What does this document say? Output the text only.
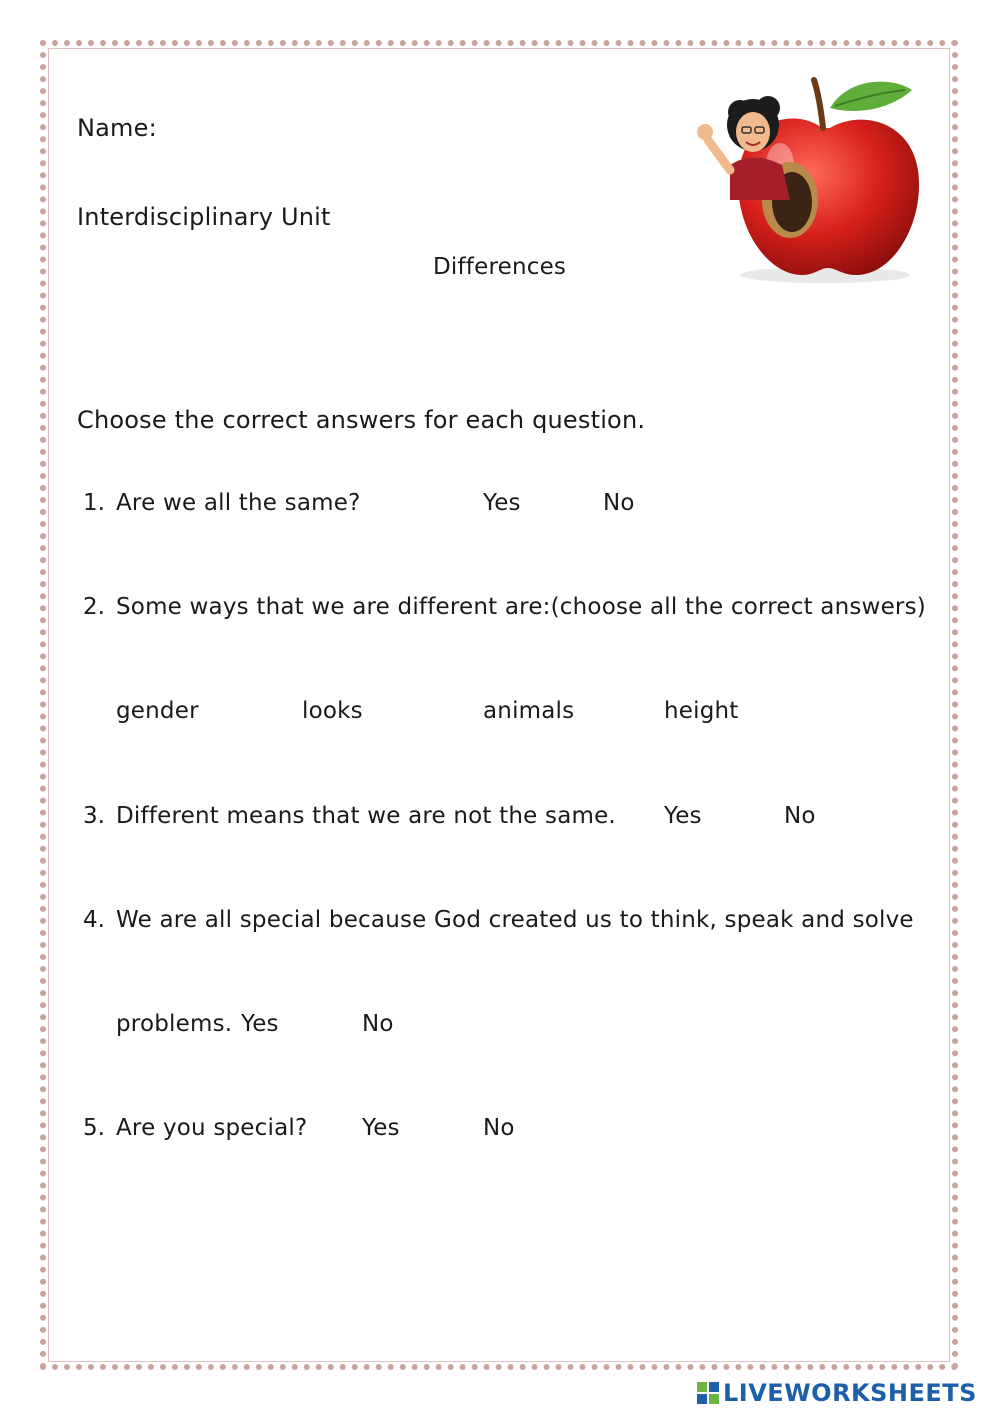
Name:
Interdisciplinary Unit
Differences
Choose the correct answers for each question.
1. Are we all the same?	Yes	No
2. Some ways that we are different are:(choose all the correct answers)
gender	looks	animals	height
3. Different means that we are not the same. Yes	No
4. We are all special because God created us to think, speak and solve
problems. Yes	No
5. Are you special? Yes	No
LIVEWORKSHEETS
